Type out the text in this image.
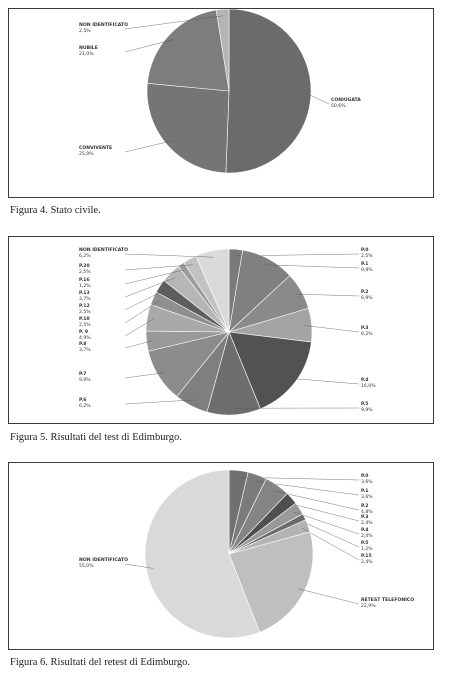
CONIUGATA
50,6%
CONVIVENTE
25,9%
NUBILE
21,0%
NON IDENTIFICATO
2,5%
Figura 4. Stato civile.
P.0
2,5%
P.1
9,9%
P.2
6,9%
P.3
6,2%
P.4
16,0%
P.5
9,9%
P.6
6,2%
P.7
9,9%
P.8
3,7%
P. 9
4,9%
P.10
2,5%
P.12
2,5%
P.13
3,7%
P.16
1,2%
P.20
2,5%
NON IDENTIFICATO
6,2%
Figura 5. Risultati del test di Edimburgo.
P.0
3,6%
P.1
3,6%
P.2
4,8%
P.3
2,4%
P.4
2,4%
P.5
1,2%
P.15
2,4%
RETEST TELEFONICO
22,9%
NON IDENTIFICATO
55,0%
Figura 6. Risultati del retest di Edimburgo.
